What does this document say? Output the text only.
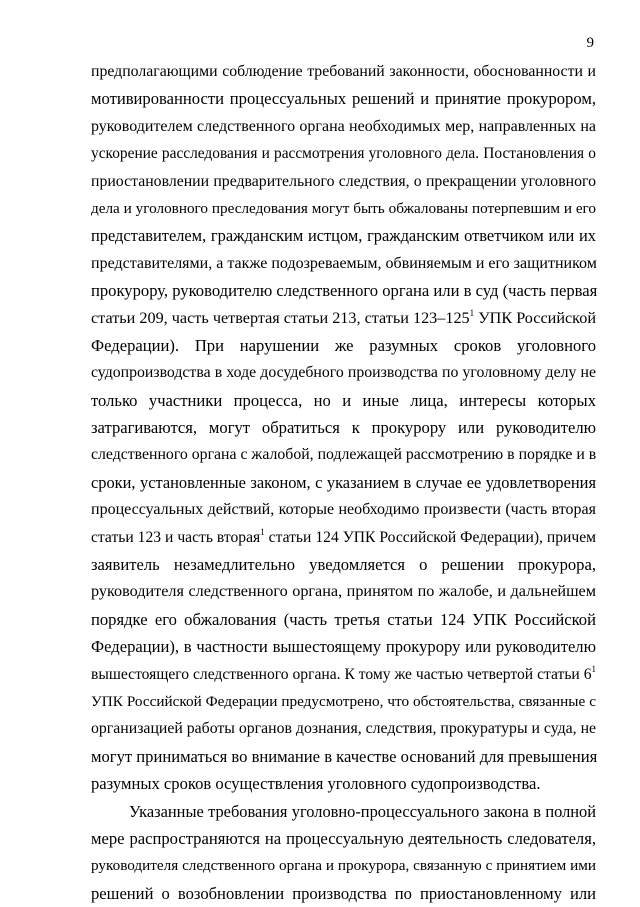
9
предполагающими соблюдение требований законности, обоснованности и
мотивированности процессуальных решений и принятие прокурором,
руководителем следственного органа необходимых мер, направленных на
ускорение расследования и рассмотрения уголовного дела. Постановления о
приостановлении предварительного следствия, о прекращении уголовного
дела и уголовного преследования могут быть обжалованы потерпевшим и его
представителем, гражданским истцом, гражданским ответчиком или их
представителями, а также подозреваемым, обвиняемым и его защитником
прокурору, руководителю следственного органа или в суд (часть первая
статьи 209, часть четвертая статьи 213, статьи $123-125^1$ УПК Российской
Федерации). При нарушении же разумных сроков уголовного
судопроизводства в ходе досудебного производства по уголовному делу не
только участники процесса, но и иные лица, интересы которых
затрагиваются, могут обратиться к прокурору или руководителю
следственного органа с жалобой, подлежащей рассмотрению в порядке и в
сроки, установленные законом, с указанием в случае ее удовлетворения
процессуальных действий, которые необходимо произвести (часть вторая
статьи 123 и часть вторая$^1$ статьи 124 УПК Российской Федерации), причем
заявитель незамедлительно уведомляется о решении прокурора,
руководителя следственного органа, принятом по жалобе, и дальнейшем
порядке его обжалования (часть третья статьи 124 УПК Российской
Федерации), в частности вышестоящему прокурору или руководителю
вышестоящего следственного органа. К тому же частью четвертой статьи $6^1$
УПК Российской Федерации предусмотрено, что обстоятельства, связанные с
организацией работы органов дознания, следствия, прокуратуры и суда, не
могут приниматься во внимание в качестве оснований для превышения
разумных сроков осуществления уголовного судопроизводства.
Указанные требования уголовно-процессуального закона в полной
мере распространяются на процессуальную деятельность следователя,
руководителя следственного органа и прокурора, связанную с принятием ими
решений о возобновлении производства по приостановленному или
